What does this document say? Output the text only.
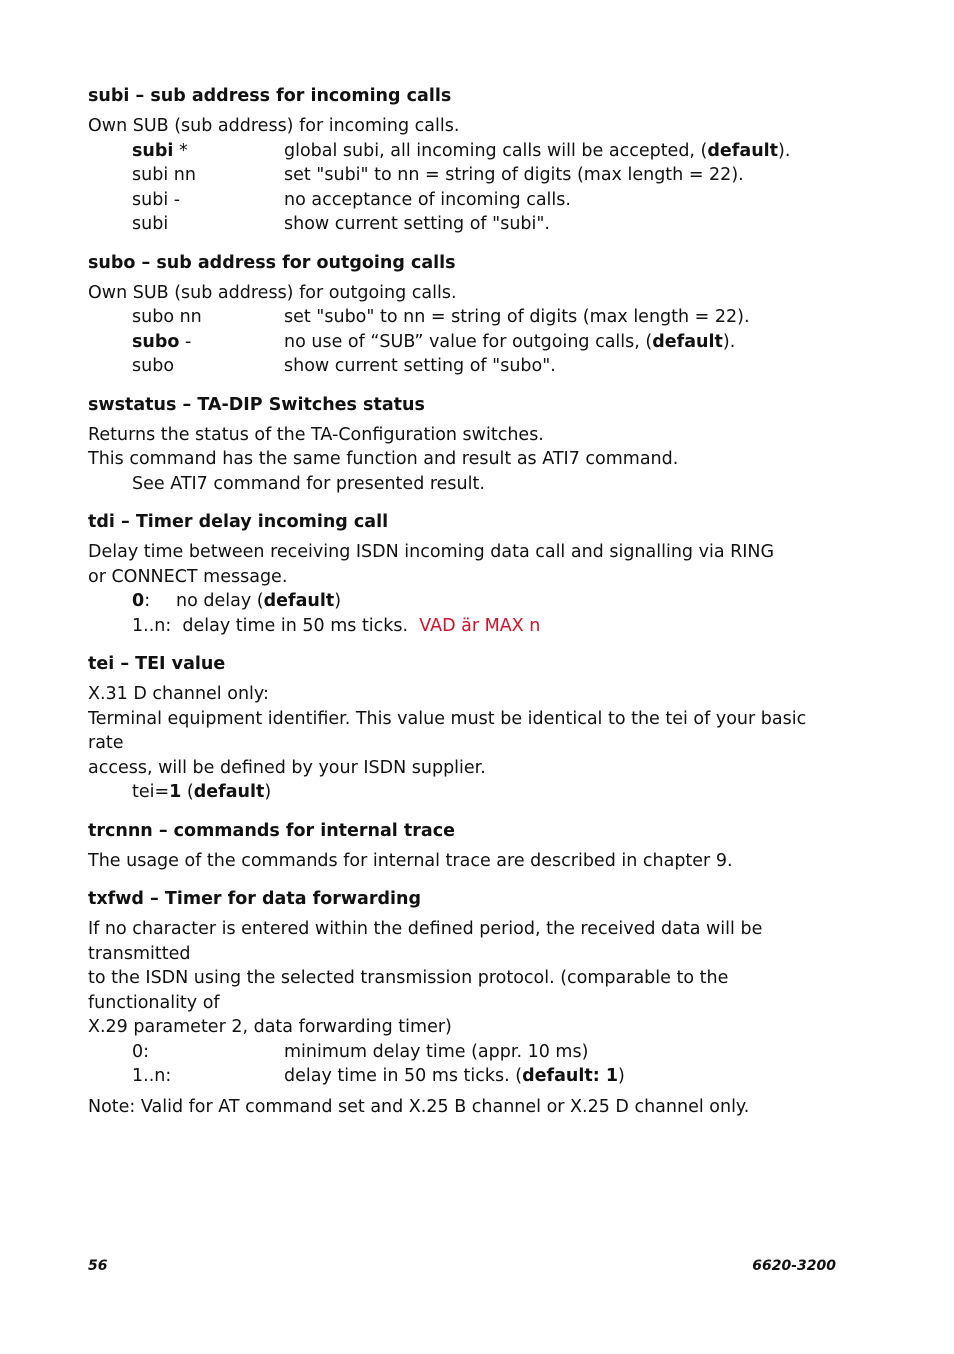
subi – sub address for incoming calls
Own SUB (sub address) for incoming calls.
subi *	global subi, all incoming calls will be accepted, (default).
subi nn	set "subi" to nn = string of digits (max length = 22).
subi -	no acceptance of incoming calls.
subi	show current setting of "subi".
subo – sub address for outgoing calls
Own SUB (sub address) for outgoing calls.
subo nn	set "subo" to nn = string of digits (max length = 22).
subo -	no use of “SUB” value for outgoing calls, (default).
subo	show current setting of "subo".
swstatus – TA-DIP Switches status
Returns the status of the TA-Configuration switches.
This command has the same function and result as ATI7 command.
See ATI7 command for presented result.
tdi – Timer delay incoming call
Delay time between receiving ISDN incoming data call and signalling via RING
or CONNECT message.
0: no delay (default)
1..n: delay time in 50 ms ticks. VAD är MAX n
tei – TEI value
X.31 D channel only:
Terminal equipment identifier. This value must be identical to the tei of your basic rate
access, will be defined by your ISDN supplier.
tei=1 (default)
trcnnn – commands for internal trace
The usage of the commands for internal trace are described in chapter 9.
txfwd – Timer for data forwarding
If no character is entered within the defined period, the received data will be transmitted
to the ISDN using the selected transmission protocol. (comparable to the functionality of
X.29 parameter 2, data forwarding timer)
0:	minimum delay time (appr. 10 ms)
1..n:	delay time in 50 ms ticks. (default: 1)
Note: Valid for AT command set and X.25 B channel or X.25 D channel only.
56	6620-3200
